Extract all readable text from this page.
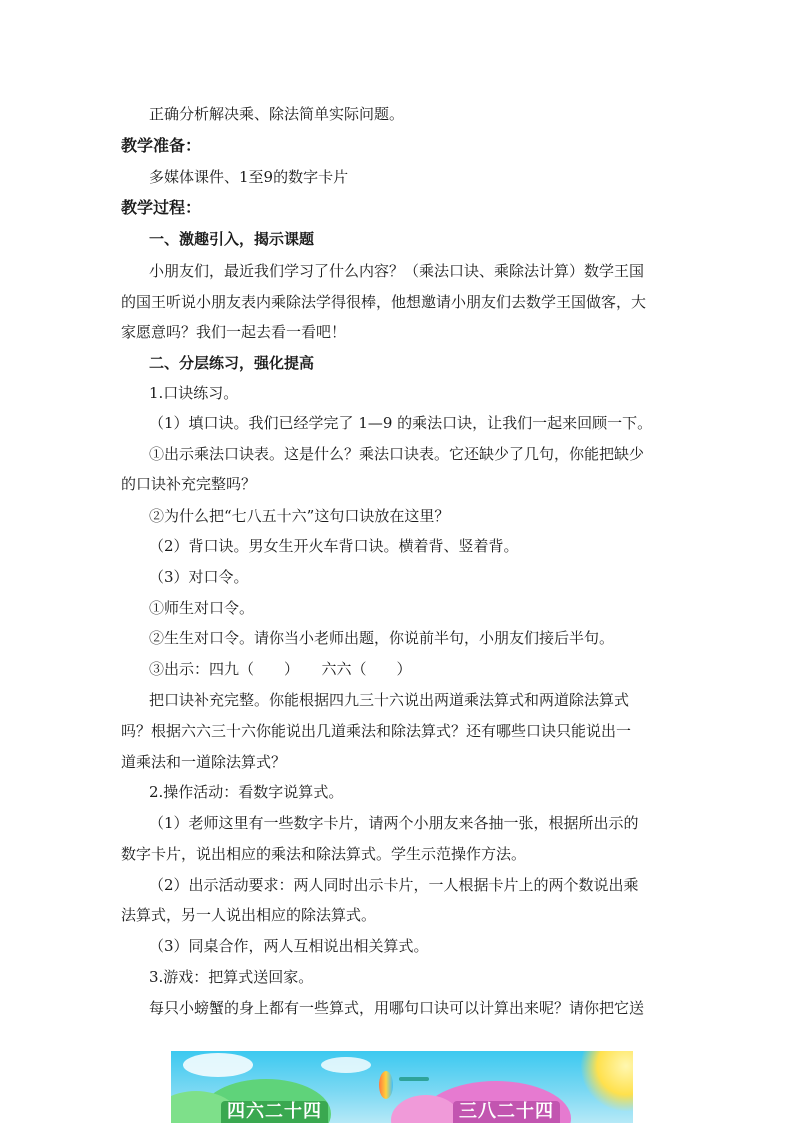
正确分析解决乘、除法简单实际问题。
教学准备：
多媒体课件、1至9的数字卡片
教学过程：
一、激趣引入，揭示课题
小朋友们，最近我们学习了什么内容？（乘法口诀、乘除法计算）数学王国
的国王听说小朋友表内乘除法学得很棒，他想邀请小朋友们去数学王国做客，大
家愿意吗？我们一起去看一看吧！
二、分层练习，强化提高
1.口诀练习。
（1）填口诀。我们已经学完了 1—9 的乘法口诀，让我们一起来回顾一下。
①出示乘法口诀表。这是什么？乘法口诀表。它还缺少了几句，你能把缺少
的口诀补充完整吗？
②为什么把“七八五十六”这句口诀放在这里？
（2）背口诀。男女生开火车背口诀。横着背、竖着背。
（3）对口令。
①师生对口令。
②生生对口令。请你当小老师出题，你说前半句，小朋友们接后半句。
③出示：四九（　　）　　六六（　　）
把口诀补充完整。你能根据四九三十六说出两道乘法算式和两道除法算式
吗？根据六六三十六你能说出几道乘法和除法算式？还有哪些口诀只能说出一
道乘法和一道除法算式？
2.操作活动：看数字说算式。
（1）老师这里有一些数字卡片，请两个小朋友来各抽一张，根据所出示的
数字卡片，说出相应的乘法和除法算式。学生示范操作方法。
（2）出示活动要求：两人同时出示卡片，一人根据卡片上的两个数说出乘
法算式，另一人说出相应的除法算式。
（3）同桌合作，两人互相说出相关算式。
3.游戏：把算式送回家。
每只小螃蟹的身上都有一些算式，用哪句口诀可以计算出来呢？请你把它送
四六二十四	三八二十四
